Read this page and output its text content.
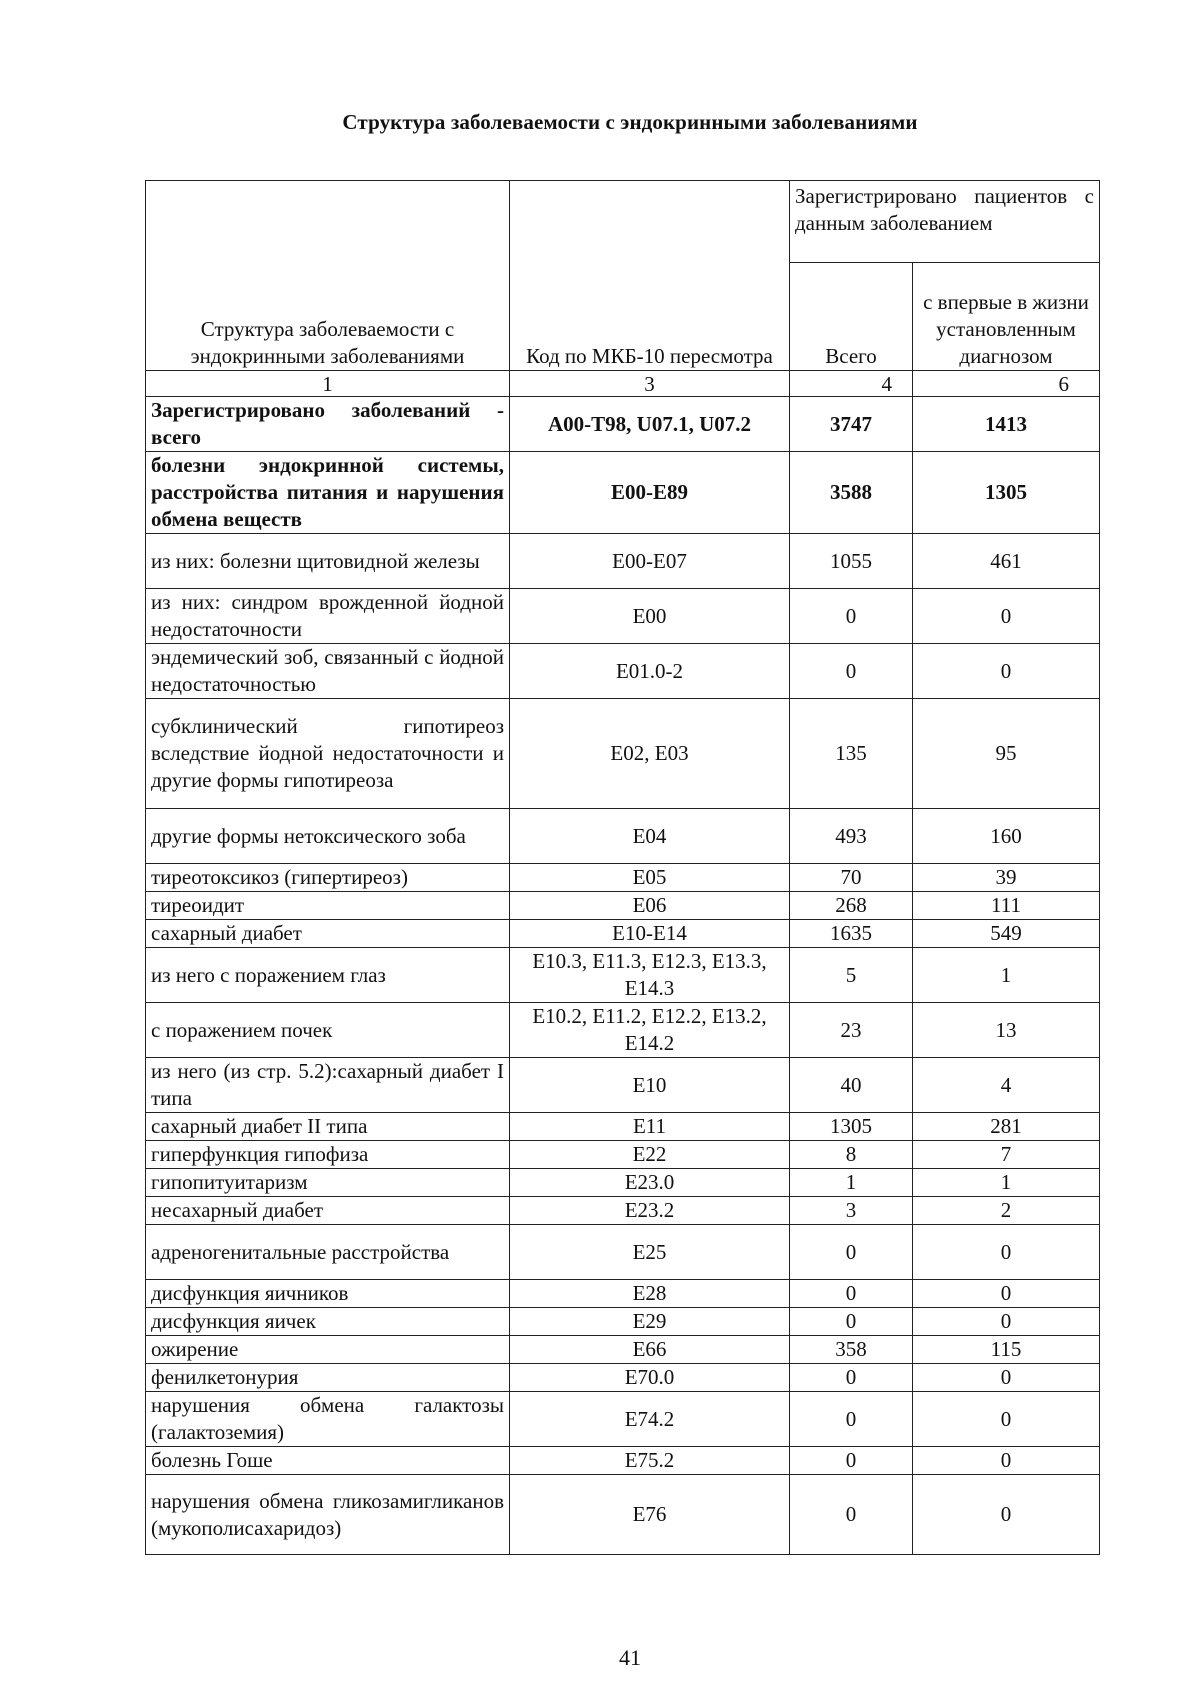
Структура заболеваемости с эндокринными заболеваниями
Структура заболеваемости с эндокринными заболеваниями	Код по МКБ-10 пересмотра	Зарегистрировано пациентов с данным заболеванием	
		Всего	с впервые в жизни установленным диагнозом
1	3	4	6
Зарегистрировано заболеваний - всего	A00-T98, U07.1, U07.2	3747	1413
болезни эндокринной системы, расстройства питания и нарушения обмена веществ	E00-E89	3588	1305
из них: болезни щитовидной железы	E00-E07	1055	461
из них: синдром врожденной йодной недостаточности	E00	0	0
эндемический зоб, связанный с йодной недостаточностью	E01.0-2	0	0
субклинический гипотиреоз вследствие йодной недостаточности и другие формы гипотиреоза	E02, E03	135	95
другие формы нетоксического зоба	E04	493	160
тиреотоксикоз (гипертиреоз)	E05	70	39
тиреоидит	E06	268	111
сахарный диабет	E10-E14	1635	549
из него с поражением глаз	E10.3, E11.3, E12.3, E13.3, E14.3	5	1
с поражением почек	E10.2, E11.2, E12.2, E13.2, E14.2	23	13
из него (из стр. 5.2):сахарный диабет I типа	E10	40	4
сахарный диабет II типа	E11	1305	281
гиперфункция гипофиза	E22	8	7
гипопитуитаризм	E23.0	1	1
несахарный диабет	E23.2	3	2
адреногенитальные расстройства	E25	0	0
дисфункция яичников	E28	0	0
дисфункция яичек	E29	0	0
ожирение	E66	358	115
фенилкетонурия	E70.0	0	0
нарушения обмена галактозы (галактоземия)	E74.2	0	0
болезнь Гоше	E75.2	0	0
нарушения обмена гликозамигликанов (мукополисахаридоз)	E76	0	0
41
